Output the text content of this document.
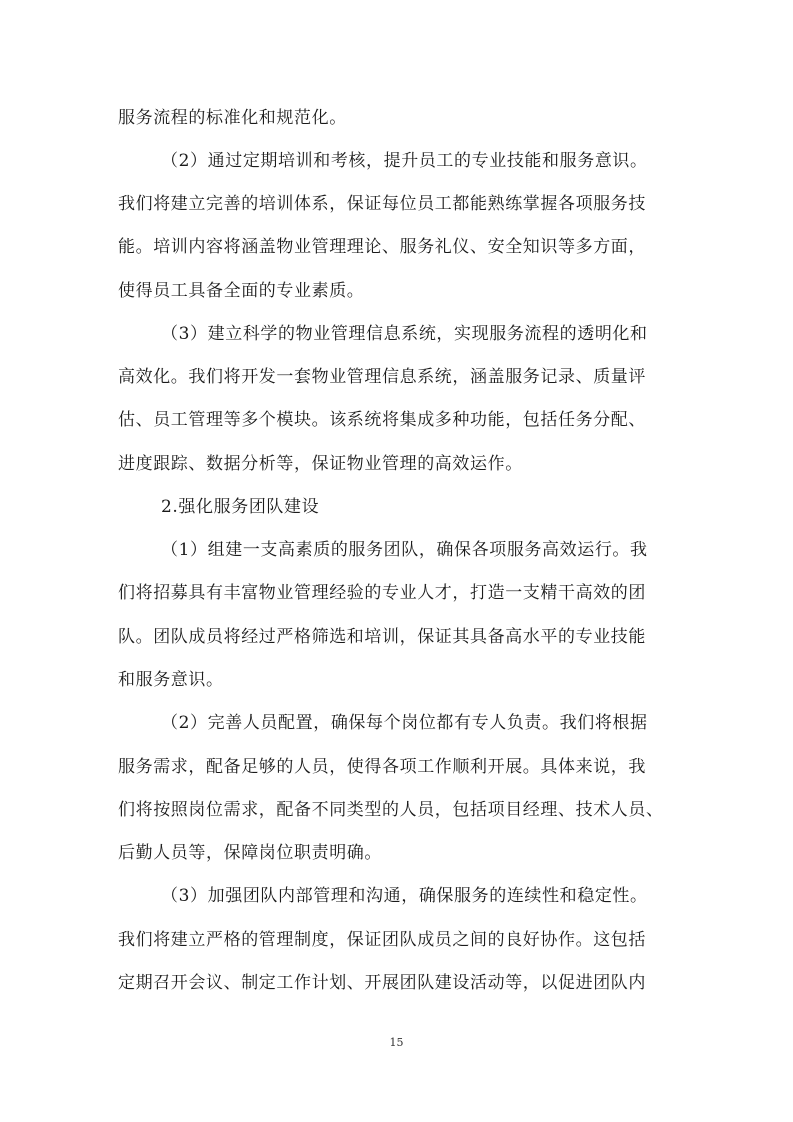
服务流程的标准化和规范化。
（2）通过定期培训和考核，提升员工的专业技能和服务意识。
我们将建立完善的培训体系，保证每位员工都能熟练掌握各项服务技
能。培训内容将涵盖物业管理理论、服务礼仪、安全知识等多方面，
使得员工具备全面的专业素质。
（3）建立科学的物业管理信息系统，实现服务流程的透明化和
高效化。我们将开发一套物业管理信息系统，涵盖服务记录、质量评
估、员工管理等多个模块。该系统将集成多种功能，包括任务分配、
进度跟踪、数据分析等，保证物业管理的高效运作。
2.强化服务团队建设
（1）组建一支高素质的服务团队，确保各项服务高效运行。我
们将招募具有丰富物业管理经验的专业人才，打造一支精干高效的团
队。团队成员将经过严格筛选和培训，保证其具备高水平的专业技能
和服务意识。
（2）完善人员配置，确保每个岗位都有专人负责。我们将根据
服务需求，配备足够的人员，使得各项工作顺利开展。具体来说，我
们将按照岗位需求，配备不同类型的人员，包括项目经理、技术人员、
后勤人员等，保障岗位职责明确。
（3）加强团队内部管理和沟通，确保服务的连续性和稳定性。
我们将建立严格的管理制度，保证团队成员之间的良好协作。这包括
定期召开会议、制定工作计划、开展团队建设活动等，以促进团队内
15
